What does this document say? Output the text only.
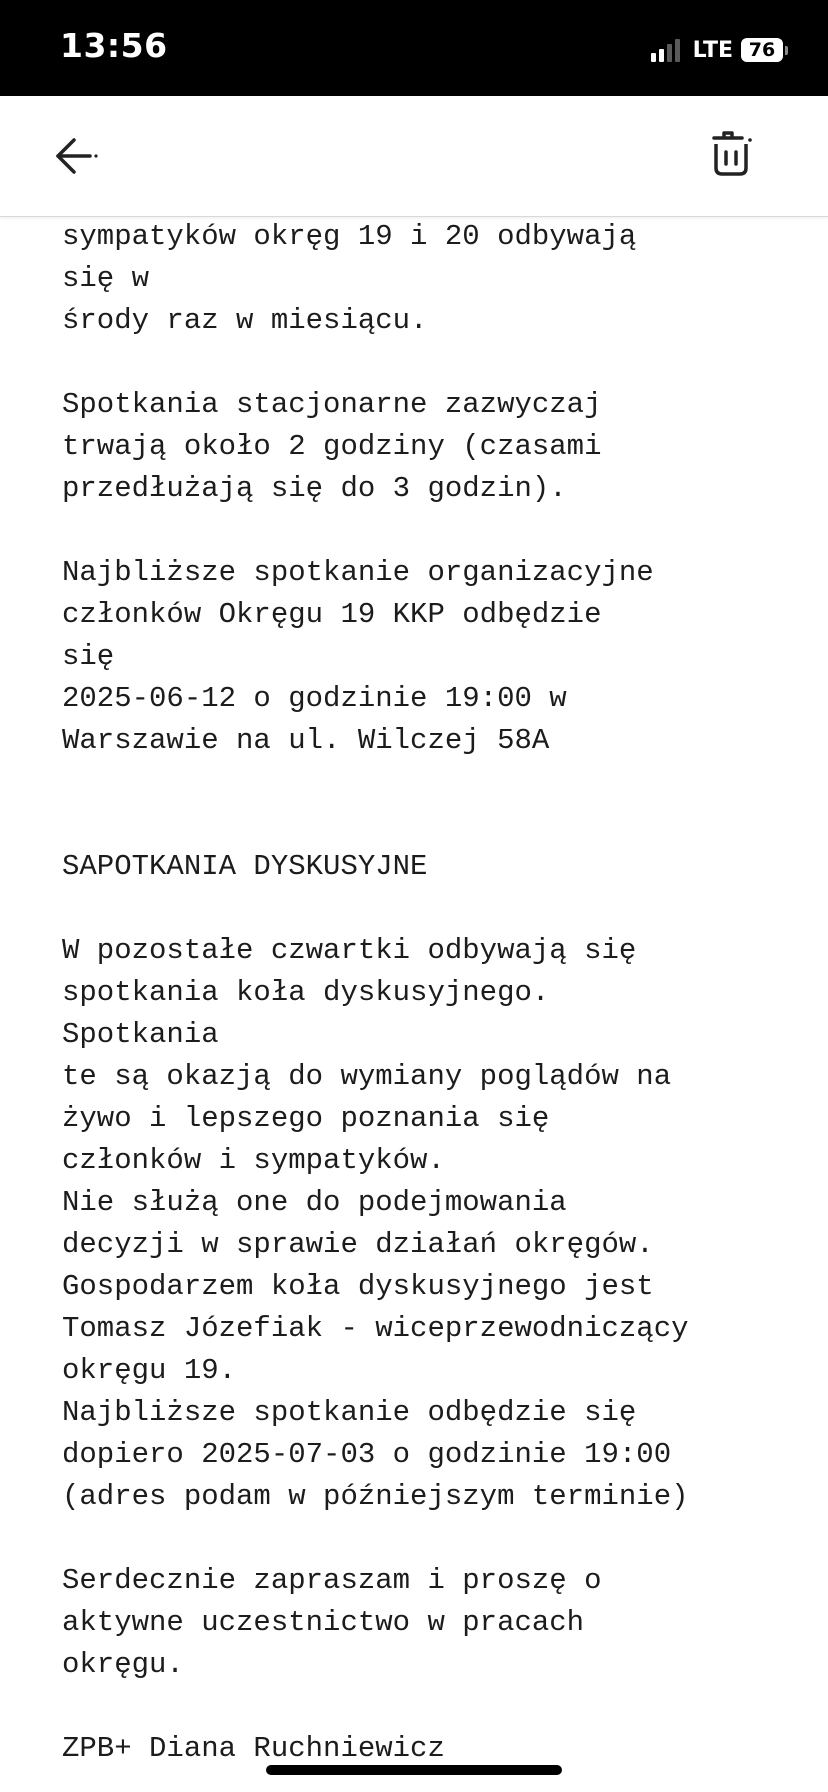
13:56	LTE 76

sympatyków okręg 19 i 20 odbywają
się w
środy raz w miesiącu.

Spotkania stacjonarne zazwyczaj
trwają około 2 godziny (czasami
przedłużają się do 3 godzin).

Najbliższe spotkanie organizacyjne
członków Okręgu 19 KKP odbędzie
się
2025-06-12 o godzinie 19:00 w
Warszawie na ul. Wilczej 58A

SAPOTKANIA DYSKUSYJNE

W pozostałe czwartki odbywają się
spotkania koła dyskusyjnego.
Spotkania
te są okazją do wymiany poglądów na
żywo i lepszego poznania się
członków i sympatyków.
Nie służą one do podejmowania
decyzji w sprawie działań okręgów.
Gospodarzem koła dyskusyjnego jest
Tomasz Józefiak - wiceprzewodniczący
okręgu 19.
Najbliższe spotkanie odbędzie się
dopiero 2025-07-03 o godzinie 19:00
(adres podam w późniejszym terminie)

Serdecznie zapraszam i proszę o
aktywne uczestnictwo w pracach
okręgu.

ZPB+ Diana Ruchniewicz
